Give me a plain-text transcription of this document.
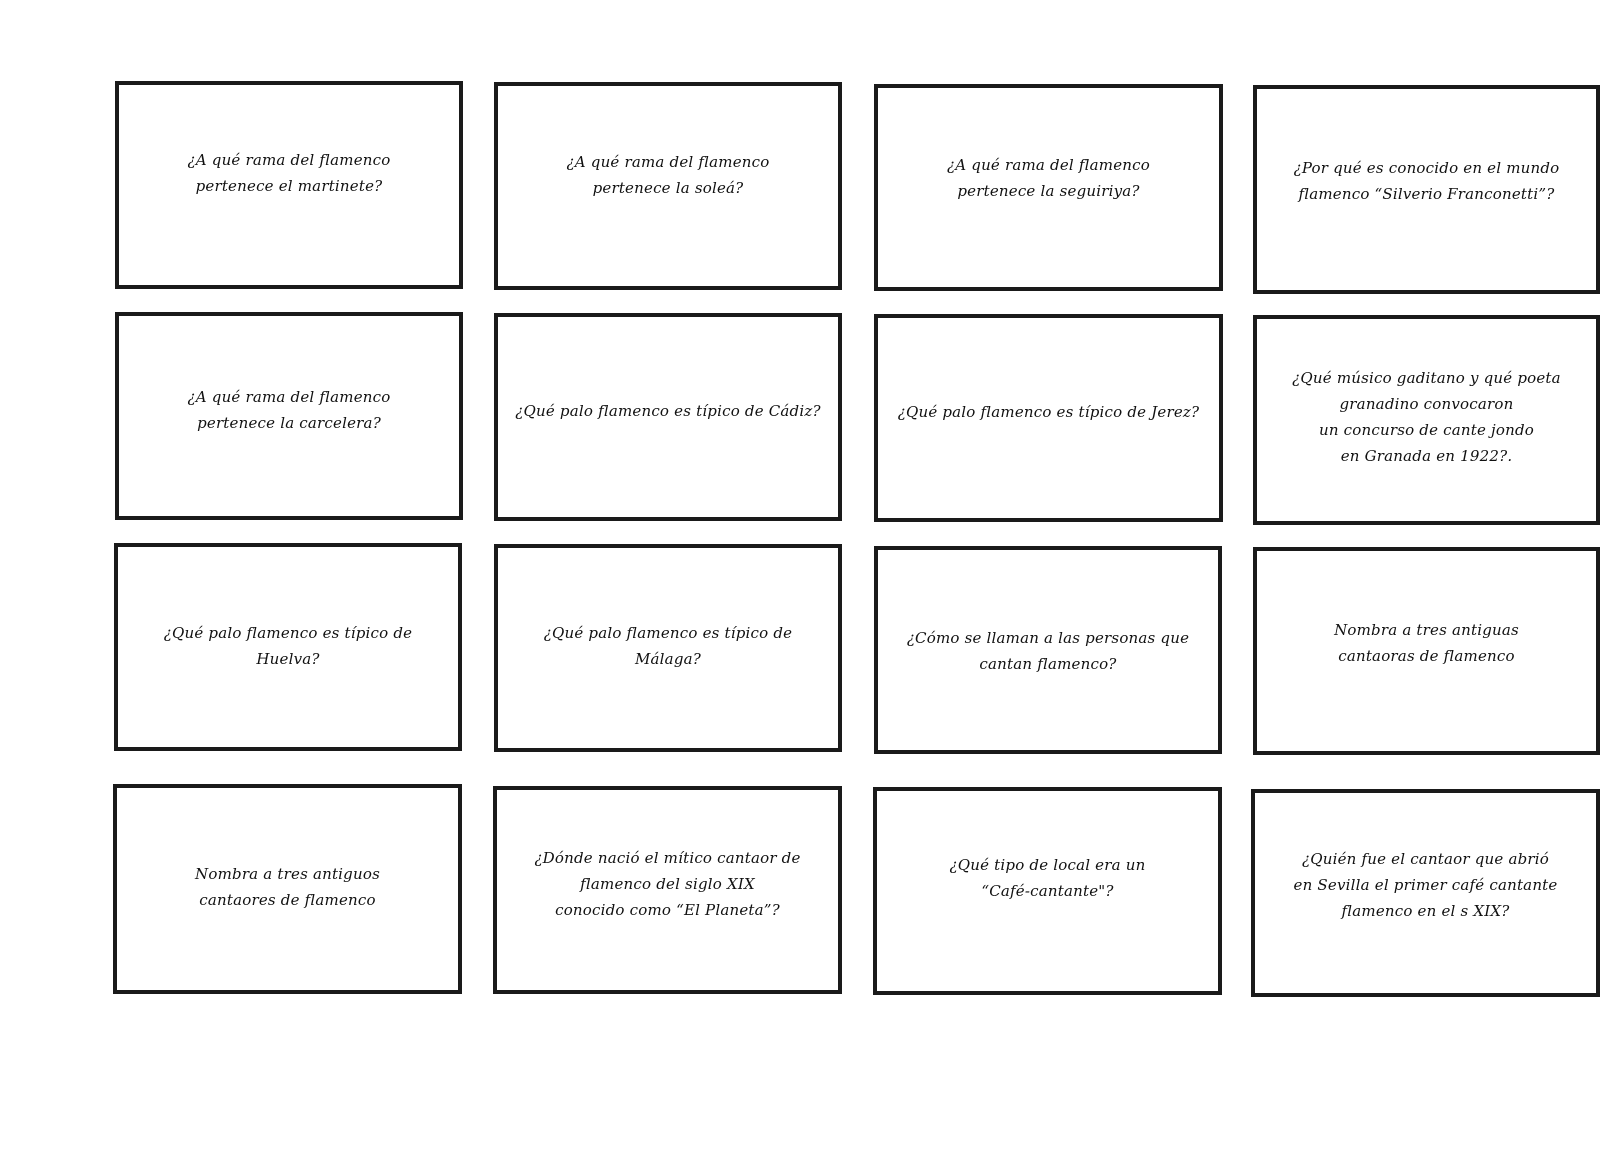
¿A qué rama del flamenco
pertenece el martinete?
¿A qué rama del flamenco
pertenece la soleá?
¿A qué rama del flamenco
pertenece la seguiriya?
¿Por qué es conocido en el mundo
flamenco “Silverio Franconetti”?
¿A qué rama del flamenco
pertenece la carcelera?
¿Qué palo flamenco es típico de Cádiz?	¿Qué palo flamenco es típico de Jerez?
¿Qué músico gaditano y qué poeta
granadino convocaron
un concurso de cante jondo
en Granada en 1922?.
¿Qué palo flamenco es típico de Huelva?
¿Qué palo flamenco es típico de Málaga?
¿Cómo se llaman a las personas que
cantan flamenco?
Nombra a tres antiguas
cantaoras de flamenco
Nombra a tres antiguos
cantaores de flamenco
¿Dónde nació el mítico cantaor de
flamenco del siglo XIX
conocido como “El Planeta”?
¿Qué tipo de local era un
“Café-cantante"?
¿Quién fue el cantaor que abrió
en Sevilla el primer café cantante
flamenco en el s XIX?
